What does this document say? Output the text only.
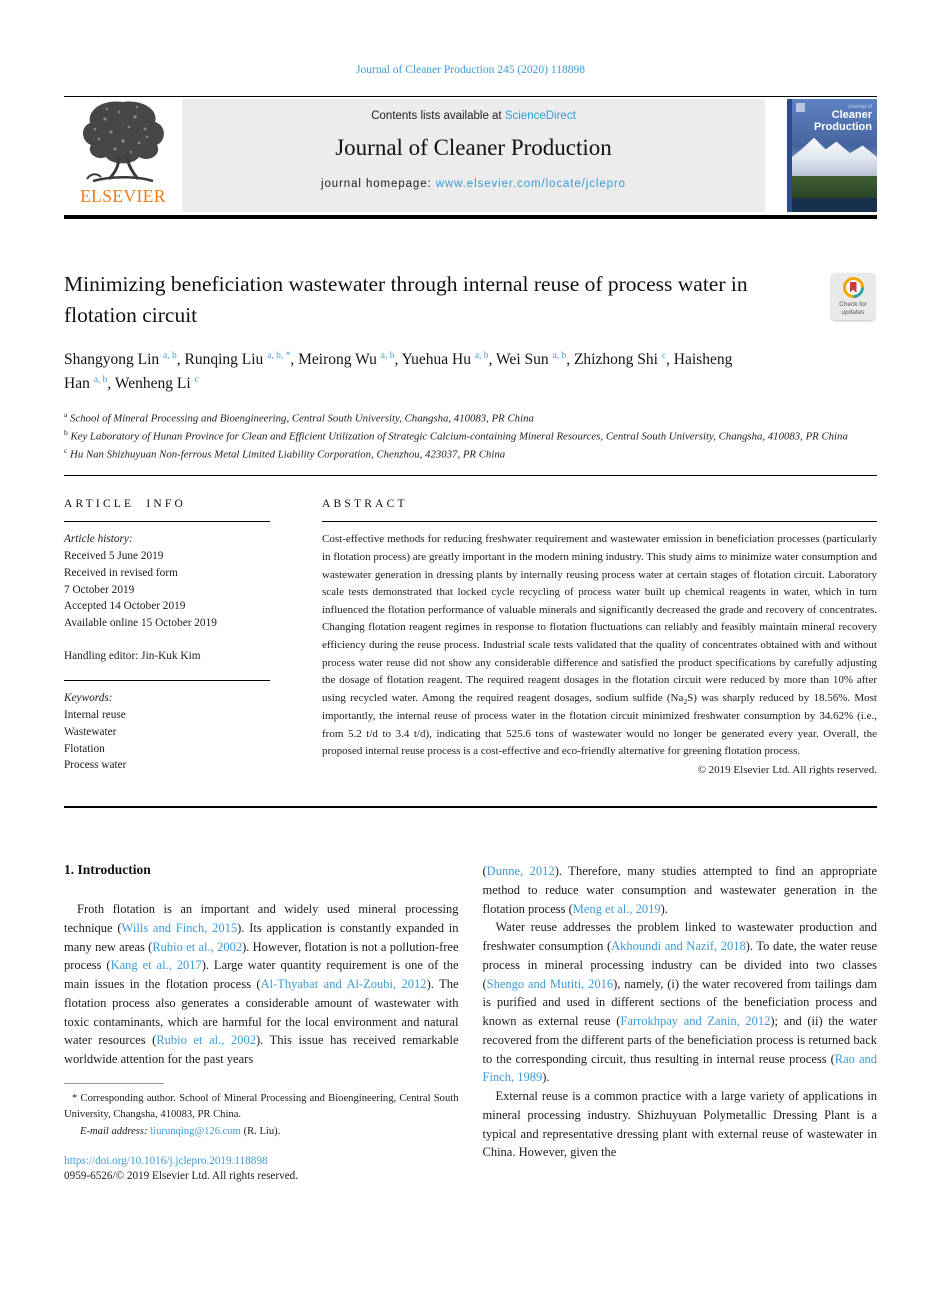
Journal of Cleaner Production 245 (2020) 118898
ELSEVIER
Contents lists available at ScienceDirect
Journal of Cleaner Production
journal homepage: www.elsevier.com/locate/jclepro
Journal of
Cleaner
Production
Minimizing beneficiation wastewater through internal reuse of process water in flotation circuit	Check for
updates
Shangyong Lin $^{a, b}$, Runqing Liu $^{a, b, *}$, Meirong Wu $^{a, b}$, Yuehua Hu $^{a, b}$, Wei Sun $^{a, b}$, Zhizhong Shi $^c$, Haisheng Han $^{a, b}$, Wenheng Li $^c$
$^a$ School of Mineral Processing and Bioengineering, Central South University, Changsha, 410083, PR China
$^b$ Key Laboratory of Hunan Province for Clean and Efficient Utilization of Strategic Calcium-containing Mineral Resources, Central South University, Changsha, 410083, PR China
$^c$ Hu Nan Shizhuyuan Non-ferrous Metal Limited Liability Corporation, Chenzhou, 423037, PR China
ARTICLE INFO
Article history:
Received 5 June 2019
Received in revised form
7 October 2019
Accepted 14 October 2019
Available online 15 October 2019
Handling editor: Jin-Kuk Kim
Keywords:
Internal reuse
Wastewater
Flotation
Process water
ABSTRACT
Cost-effective methods for reducing freshwater requirement and wastewater emission in beneficiation processes (particularly in flotation process) are greatly important in the modern mining industry. This study aims to minimize water consumption and wastewater generation in dressing plants by internally reusing process water at certain stages of flotation circuit. Laboratory scale tests demonstrated that locked cycle recycling of process water built up chemical reagents in water, which in turn influenced the flotation performance of valuable minerals and significantly decreased the grade and recovery of concentrates. Changing flotation reagent regimes in response to flotation fluctuations can reliably and feasibly maintain mineral recovery efficiency during the reuse process. Industrial scale tests validated that the quality of concentrates obtained with and without process water reuse did not show any considerable difference and satisfied the product specifications by carefully adjusting the dosage of flotation reagent. The required reagent dosages in the flotation circuit were reduced by more than 10% after using recycled water. Among the required reagent dosages, sodium sulfide $(Na_2S)$ was sharply reduced by 18.56%. Most importantly, the internal reuse of process water in the flotation circuit minimized freshwater consumption by 34.62% (i.e., from 5.2 t/d to 3.4 t/d), indicating that 525.6 tons of wastewater would no longer be generated every year. Overall, the proposed internal reuse process is a cost-effective and eco-friendly alternative for greening flotation process.
© 2019 Elsevier Ltd. All rights reserved.
1. Introduction

Froth flotation is an important and widely used mineral processing technique (Wills and Finch, 2015). Its application is constantly expanded in many new areas (Rubio et al., 2002). However, flotation is not a pollution-free process (Kang et al., 2017). Large water quantity requirement is one of the main issues in the flotation process (Al-Thyabat and Al-Zoubi, 2012). The flotation process also generates a considerable amount of wastewater with toxic contaminants, which are harmful for the local environment and natural water resources (Rubio et al., 2002). This issue has received remarkable worldwide attention for the past years

* Corresponding author. School of Mineral Processing and Bioengineering, Central South University, Changsha, 410083, PR China.
E-mail address: liurunqing@126.com (R. Liu).
https://doi.org/10.1016/j.jclepro.2019.118898
0959-6526/© 2019 Elsevier Ltd. All rights reserved.

(Dunne, 2012). Therefore, many studies attempted to find an appropriate method to reduce water consumption and wastewater generation in the flotation process (Meng et al., 2019).

Water reuse addresses the problem linked to wastewater production and freshwater consumption (Akhoundi and Nazif, 2018). To date, the water reuse process in mineral processing industry can be divided into two classes (Shengo and Mutiti, 2016), namely, (i) the water recovered from tailings dam is purified and used in different sections of the beneficiation process and known as external reuse (Farrokhpay and Zanin, 2012); and (ii) the water recovered from the different parts of the beneficiation process is returned back to the corresponding circuit, thus resulting in internal reuse process (Rao and Finch, 1989).

External reuse is a common practice with a large variety of applications in mineral processing industry. Shizhuyuan Polymetallic Dressing Plant is a typical and representative dressing plant with external reuse of wastewater in China. However, given the
